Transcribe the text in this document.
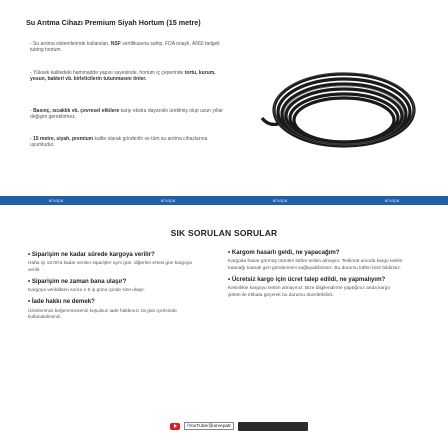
Su Arıtma Cihazı Premium Siyah Hortum (15 metre)
- Su arıtma sistemlerinde kullanılan, NSF sertifikasına sahip, FDA onaylı, ANSI belgeli tubing hortum.
- Yüksek kalitedeki hammadde yapısı sayesinde, hortum iç çeperinde tortu, kurum, yosun, bakteri vb. kirleticilerin tutunmasını önler.
- Basınç, sıcaklık vb. çevresel etkilere karşı ekstra dayanıklı üretilmiş olup uzun yıllar değişim gerektirmez.
- 15 metre, siyah, premium kalite olarak gönderilir ve tüm su arıtma cihazlarına uyumludur.
arvepa	arvepa	arvepa	arvepa
SIK SORULAN SORULAR
• Siparişim ne kadar sürede kargoya verilir?
Hafta içi 16:00'a kadar verilen siparişler aynı gün, diğerleri ertesi gün kargoya verilir.
• Siparişim ne zaman bana ulaşır?
Kargoya verildikten sonra 1-5 iş günü içinde size ulaşır.
• İade hakkı ne demek?
Ürünlerimizi beğenmezseniz koşulsuz iade hakkınızı 15 gün içerisinde kullanabilirsiniz.
• Kargom hasarlı geldi, ne yapacağım?
Kargoda hasar görmüş ürünleri lütfen teslim almayın. Teslimat anında kargo teslim tutanağı tutarak geri gönderimini sağlayabilirsiniz. Bu durumu lütfen bize bildiriniz.
• Ücretsiz kargo için ücret talep edildi, ne yapmalıyım?
Kesinlikle kargoyu teslim almayınız. Bize bilgilendirme yaptığınız anda kargo şirketi ile irtibata geçerek bu durumu düzeltebiliriz.
/YouTube/@arvepatr
